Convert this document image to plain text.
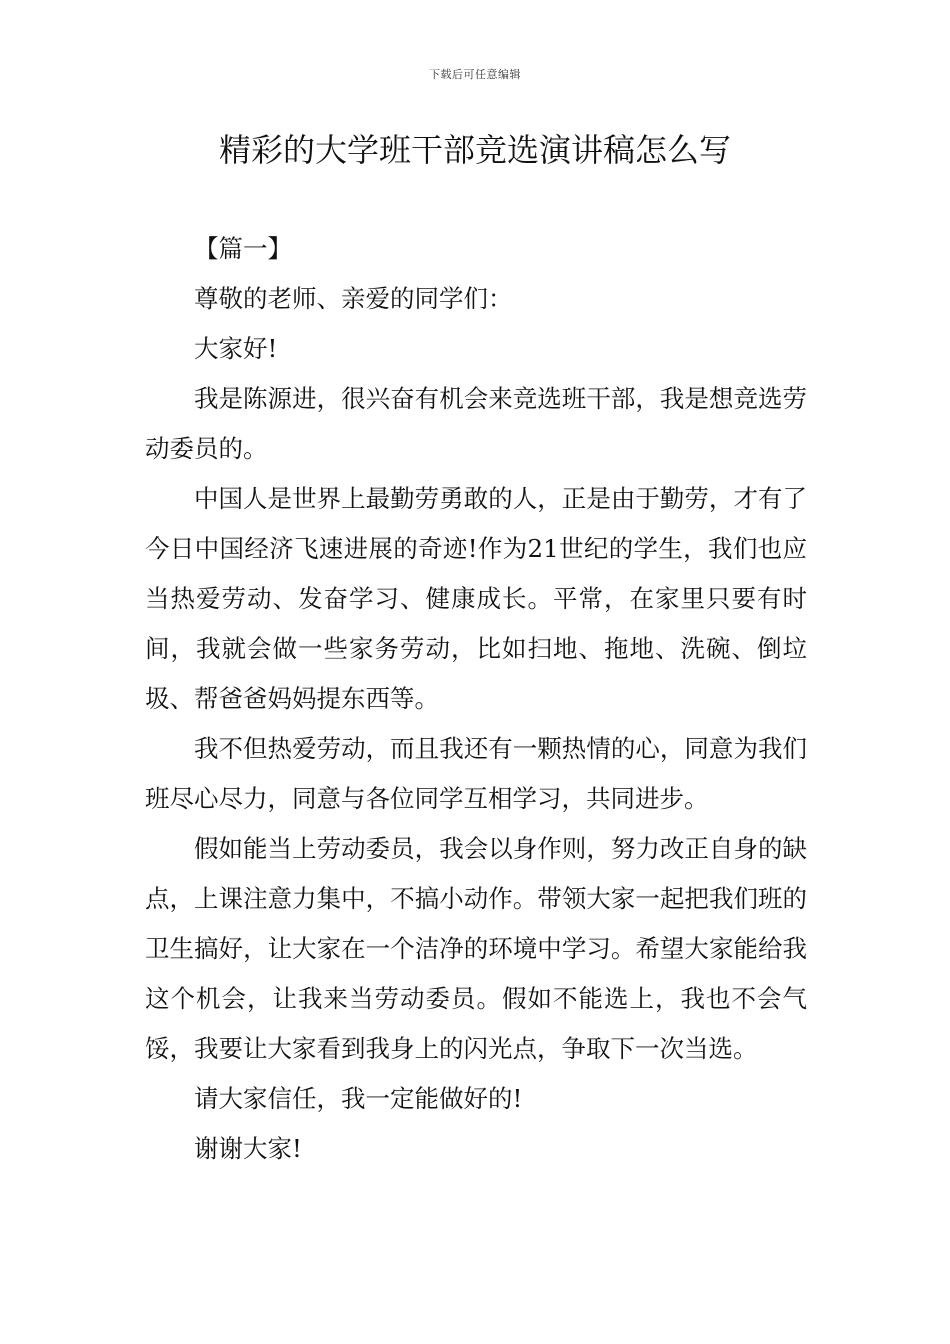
下载后可任意编辑
精彩的大学班干部竞选演讲稿怎么写

【篇一】

尊敬的老师、亲爱的同学们：

大家好!

我是陈源进，很兴奋有机会来竞选班干部，我是想竞选劳动委员的。

中国人是世界上最勤劳勇敢的人，正是由于勤劳，才有了今日中国经济飞速进展的奇迹!作为21世纪的学生，我们也应当热爱劳动、发奋学习、健康成长。平常，在家里只要有时间，我就会做一些家务劳动，比如扫地、拖地、洗碗、倒垃圾、帮爸爸妈妈提东西等。

我不但热爱劳动，而且我还有一颗热情的心，同意为我们班尽心尽力，同意与各位同学互相学习，共同进步。

假如能当上劳动委员，我会以身作则，努力改正自身的缺点，上课注意力集中，不搞小动作。带领大家一起把我们班的卫生搞好，让大家在一个洁净的环境中学习。希望大家能给我这个机会，让我来当劳动委员。假如不能选上，我也不会气馁，我要让大家看到我身上的闪光点，争取下一次当选。

请大家信任，我一定能做好的!

谢谢大家!
